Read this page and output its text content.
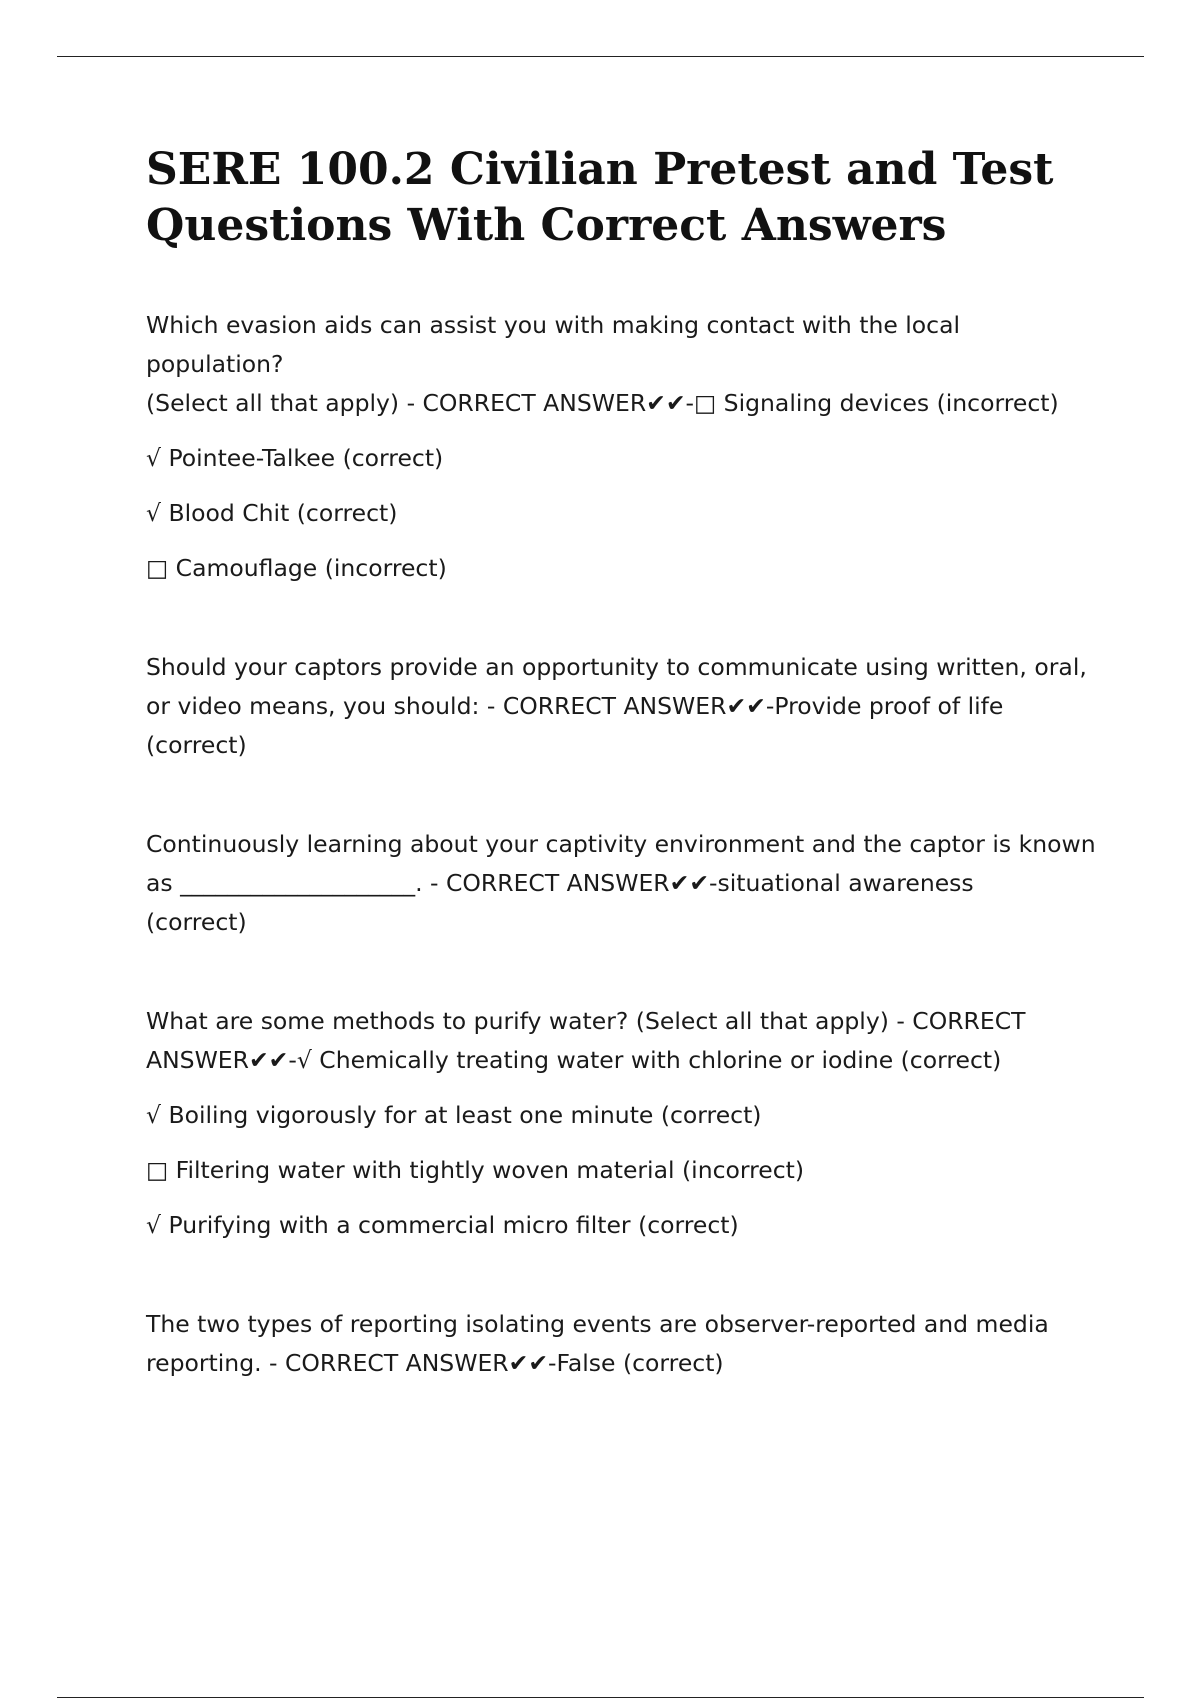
SERE 100.2 Civilian Pretest and Test
Questions With Correct Answers

Which evasion aids can assist you with making contact with the local population?

(Select all that apply) - CORRECT ANSWER✔✔-□ Signaling devices (incorrect)

√ Pointee-Talkee (correct)

√ Blood Chit (correct)

□ Camouflage (incorrect)

Should your captors provide an opportunity to communicate using written, oral,

or video means, you should: - CORRECT ANSWER✔✔-Provide proof of life

(correct)

Continuously learning about your captivity environment and the captor is known

as ____________________. - CORRECT ANSWER✔✔-situational awareness

(correct)

What are some methods to purify water? (Select all that apply) - CORRECT

ANSWER✔✔-√ Chemically treating water with chlorine or iodine (correct)

√ Boiling vigorously for at least one minute (correct)

□ Filtering water with tightly woven material (incorrect)

√ Purifying with a commercial micro filter (correct)

The two types of reporting isolating events are observer-reported and media

reporting. - CORRECT ANSWER✔✔-False (correct)
